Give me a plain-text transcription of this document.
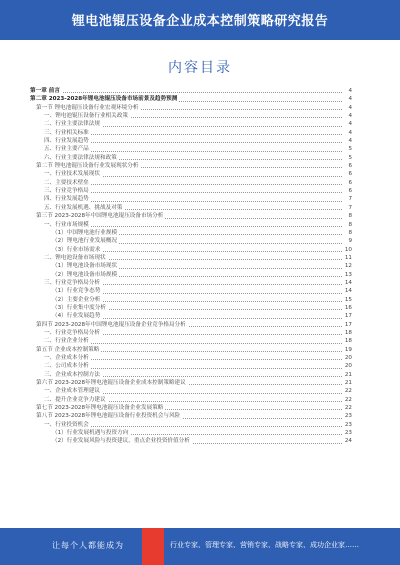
锂电池锟压设备企业成本控制策略研究报告
内容目录
第一章 前言	4
第二章 2023-2028年锂电池锟压设备市场前景及趋势预测	4
第一节 锂电池锟压设备行业宏观环境分析	4
一、锂电池锟压设备行业相关政策	4
二、行业主要法律法规	4
三、行业相关标准	4
四、行业发展趋势	4
五、行业主要产品	5
六、行业主要法律法规和政策	5
第二节 锂电池锟压设备行业发展现状分析	6
一、行业技术发展现状	6
二、主要技术壁垒	6
三、行业竞争格局	6
四、行业发展趋势	7
五、行业发展机遇、挑战及对策	7
第三节 2023-2028年中国锂电池锟压设备市场分析	8
一、行业市场规模	8
（1）中国锂电池行业规模	8
（2）锂电池行业发展概况	9
（3）行业市场需求	10
二、锂电池设备市场现状	11
（1）锂电池设备市场现状	12
（2）锂电池设备市场规模	13
三、行业竞争格局分析	14
（1）行业竞争态势	14
（2）主要企业分析	15
（3）行业集中度分析	16
（4）行业发展趋势	17
第四节 2023-2028年中国锂电池锟压设备企业竞争格局分析	17
一、行业竞争格局分析	18
二、行业企业分析	18
第五节 企业成本控制策略	19
一、企业成本分析	20
二、公司成本分析	20
三、企业成本控制方法	21
第六节 2023-2028年锂电池锟压设备企业成本控制策略建议	21
一、企业成本管理建议	22
二、提升企业竞争力建议	22
第七节 2023-2028年锂电池锟压设备企业发展策略	22
第八节 2023-2028年锂电池锟压设备行业投资机会与风险	23
一、行业投资机会	23
（1）行业发展机遇与投资方向	23
（2）行业发展风险与投资建议，重点企业投资价值分析	24
让每个人都能成为	行业专家、管理专家、营销专家、战略专家、成功企业家……
